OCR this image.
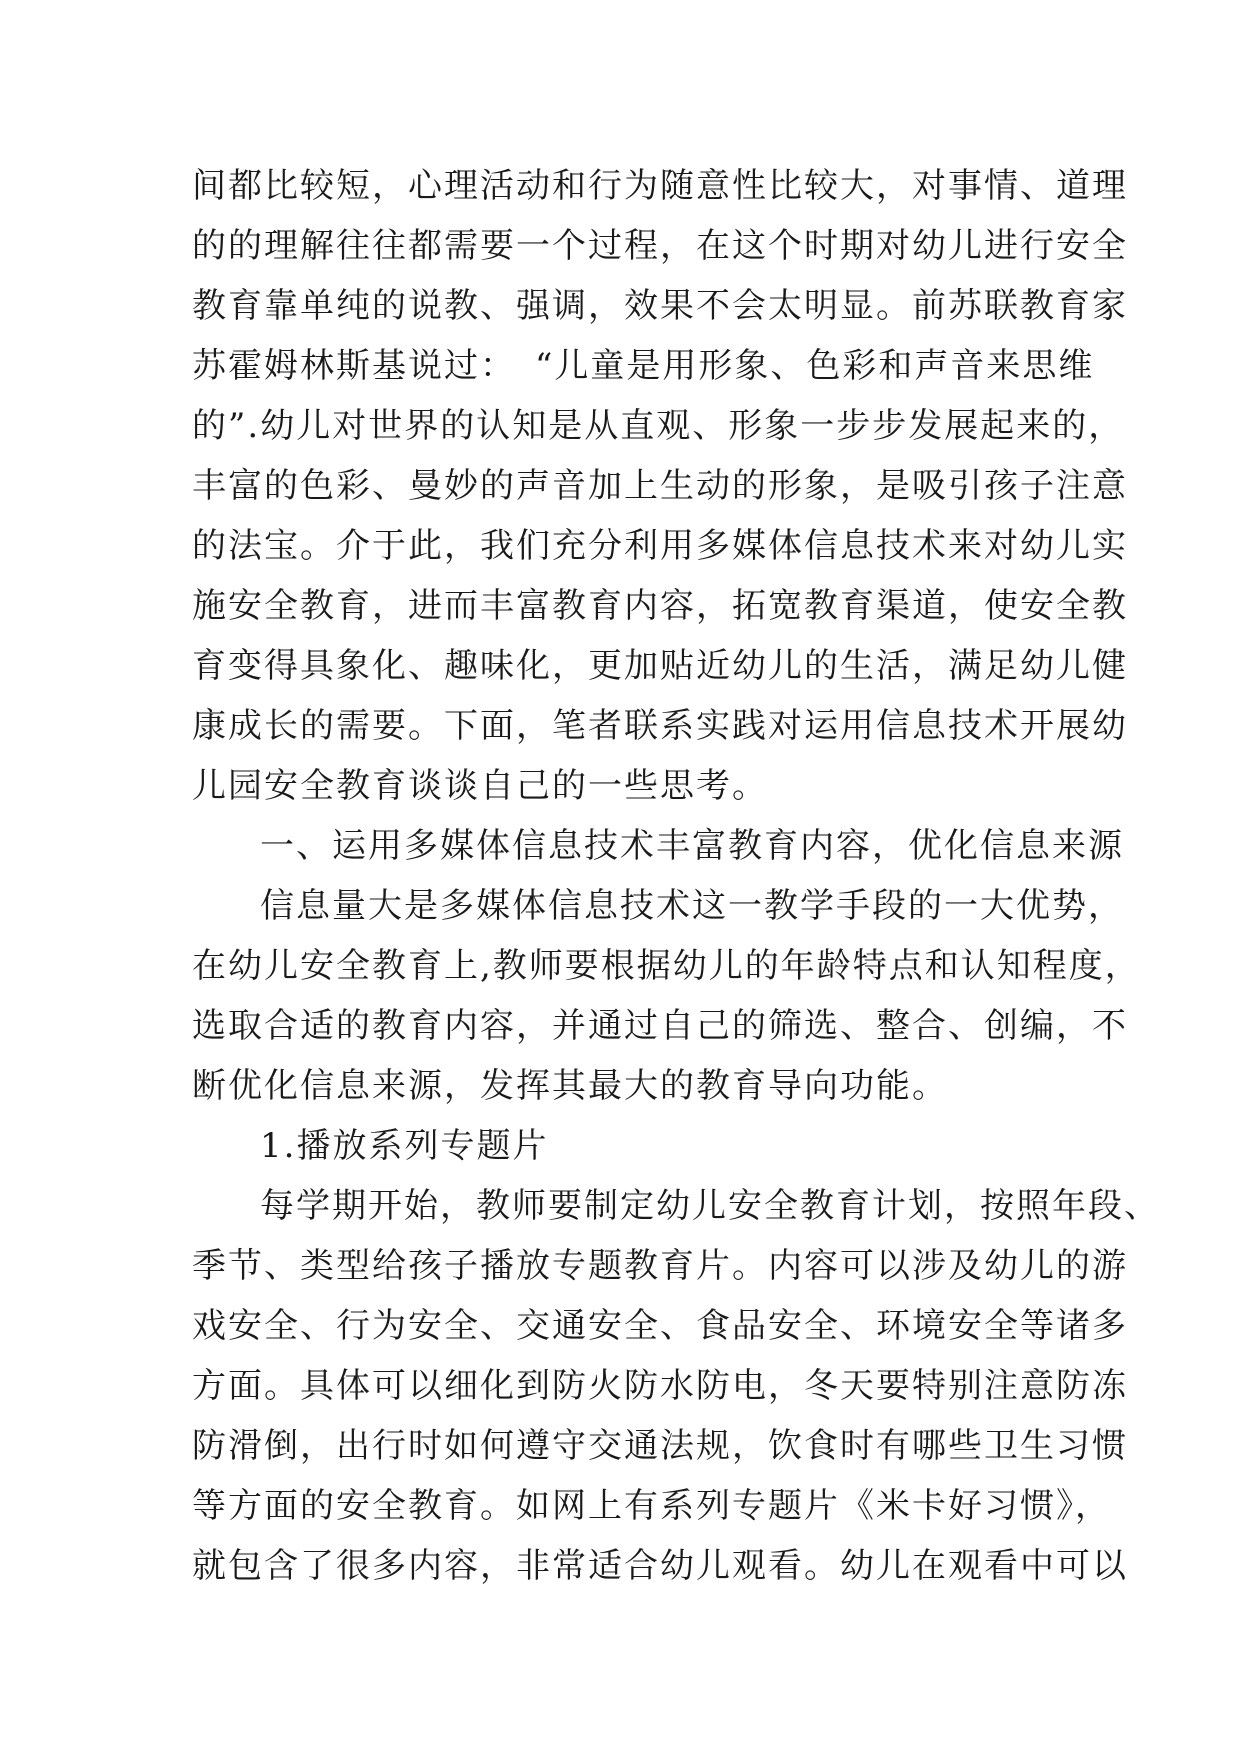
间都比较短，心理活动和行为随意性比较大，对事情、道理
的的理解往往都需要一个过程，在这个时期对幼儿进行安全
教育靠单纯的说教、强调，效果不会太明显。前苏联教育家
苏霍姆林斯基说过：　“儿童是用形象、色彩和声音来思维
的”.幼儿对世界的认知是从直观、形象一步步发展起来的，
丰富的色彩、曼妙的声音加上生动的形象，是吸引孩子注意
的法宝。介于此，我们充分利用多媒体信息技术来对幼儿实
施安全教育，进而丰富教育内容，拓宽教育渠道，使安全教
育变得具象化、趣味化，更加贴近幼儿的生活，满足幼儿健
康成长的需要。下面，笔者联系实践对运用信息技术开展幼
儿园安全教育谈谈自己的一些思考。
一、运用多媒体信息技术丰富教育内容，优化信息来源
信息量大是多媒体信息技术这一教学手段的一大优势，
在幼儿安全教育上,教师要根据幼儿的年龄特点和认知程度，
选取合适的教育内容，并通过自己的筛选、整合、创编，不
断优化信息来源，发挥其最大的教育导向功能。
1.播放系列专题片
每学期开始，教师要制定幼儿安全教育计划，按照年段、
季节、类型给孩子播放专题教育片。内容可以涉及幼儿的游
戏安全、行为安全、交通安全、食品安全、环境安全等诸多
方面。具体可以细化到防火防水防电，冬天要特别注意防冻
防滑倒，出行时如何遵守交通法规，饮食时有哪些卫生习惯
等方面的安全教育。如网上有系列专题片《米卡好习惯》，
就包含了很多内容，非常适合幼儿观看。幼儿在观看中可以
